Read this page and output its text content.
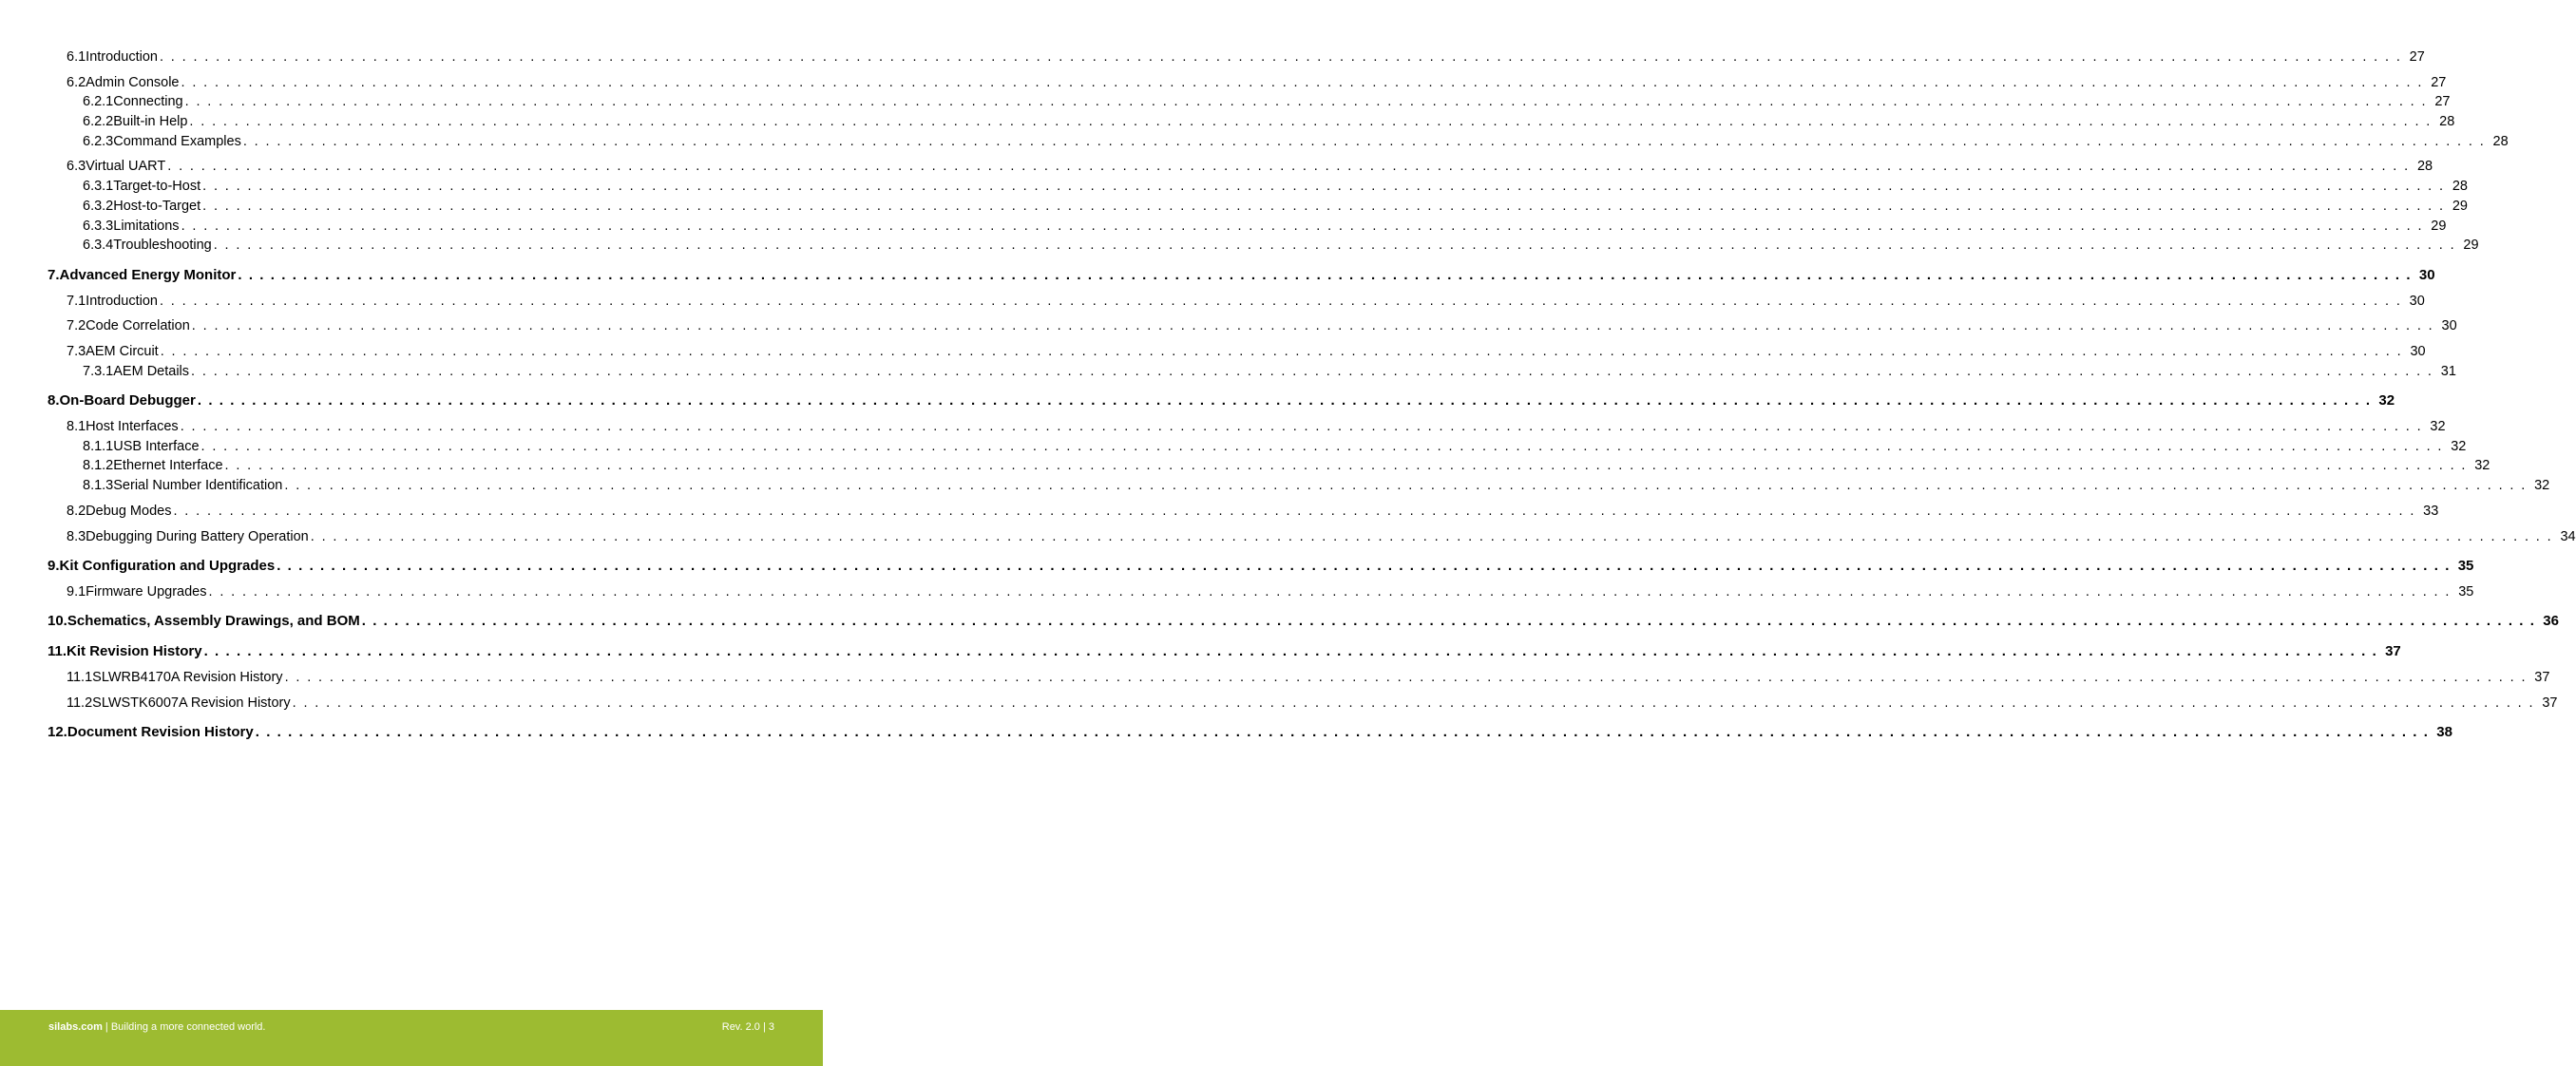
6.1 Introduction ........................................................................................................................................................................................................ 27
6.2 Admin Console ........................................................................................................................................................................................................ 27
6.2.1 Connecting ........................................................................................................................................................................................................ 27
6.2.2 Built-in Help ........................................................................................................................................................................................................ 28
6.2.3 Command Examples ........................................................................................................................................................................................................ 28
6.3 Virtual UART ........................................................................................................................................................................................................ 28
6.3.1 Target-to-Host ........................................................................................................................................................................................................ 28
6.3.2 Host-to-Target ........................................................................................................................................................................................................ 29
6.3.3 Limitations ........................................................................................................................................................................................................ 29
6.3.4 Troubleshooting ........................................................................................................................................................................................................ 29
7. Advanced Energy Monitor ........................................................................................................................................................................................................ 30
7.1 Introduction ........................................................................................................................................................................................................ 30
7.2 Code Correlation ........................................................................................................................................................................................................ 30
7.3 AEM Circuit ........................................................................................................................................................................................................ 30
7.3.1 AEM Details ........................................................................................................................................................................................................ 31
8. On-Board Debugger ........................................................................................................................................................................................................ 32
8.1 Host Interfaces ........................................................................................................................................................................................................ 32
8.1.1 USB Interface ........................................................................................................................................................................................................ 32
8.1.2 Ethernet Interface ........................................................................................................................................................................................................ 32
8.1.3 Serial Number Identification ........................................................................................................................................................................................................ 32
8.2 Debug Modes ........................................................................................................................................................................................................ 33
8.3 Debugging During Battery Operation ........................................................................................................................................................................................................ 34
9. Kit Configuration and Upgrades ........................................................................................................................................................................................................ 35
9.1 Firmware Upgrades ........................................................................................................................................................................................................ 35
10. Schematics, Assembly Drawings, and BOM ........................................................................................................................................................................................................ 36
11. Kit Revision History ........................................................................................................................................................................................................ 37
11.1 SLWRB4170A Revision History ........................................................................................................................................................................................................ 37
11.2 SLWSTK6007A Revision History ........................................................................................................................................................................................................ 37
12. Document Revision History ........................................................................................................................................................................................................ 38
silabs.com | Building a more connected world.	Rev. 2.0 | 3
